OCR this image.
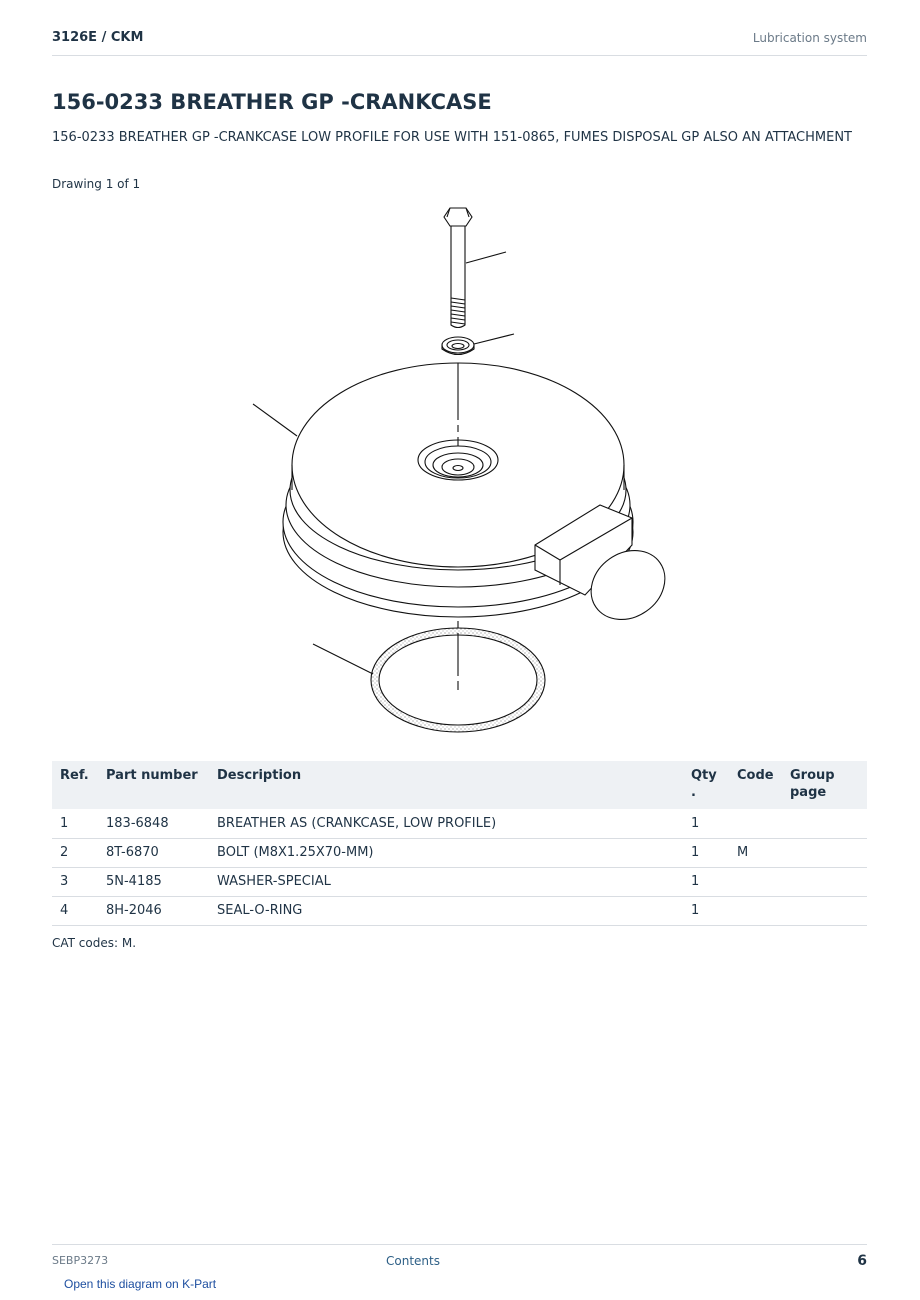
3126E / CKM	Lubrication system
156-0233 BREATHER GP -CRANKCASE

156-0233 BREATHER GP -CRANKCASE LOW PROFILE FOR USE WITH 151-0865, FUMES DISPOSAL GP ALSO AN ATTACHMENT

Drawing 1 of 1
Ref.	Part number	Description	Qty .	Code	Group page
1	183-6848	BREATHER AS (CRANKCASE, LOW PROFILE)	1		
2	8T-6870	BOLT (M8X1.25X70-MM)	1	M	
3	5N-4185	WASHER-SPECIAL	1		
4	8H-2046	SEAL-O-RING	1		
CAT codes: M.
SEBP3273	Contents	6
Open this diagram on K-Part
